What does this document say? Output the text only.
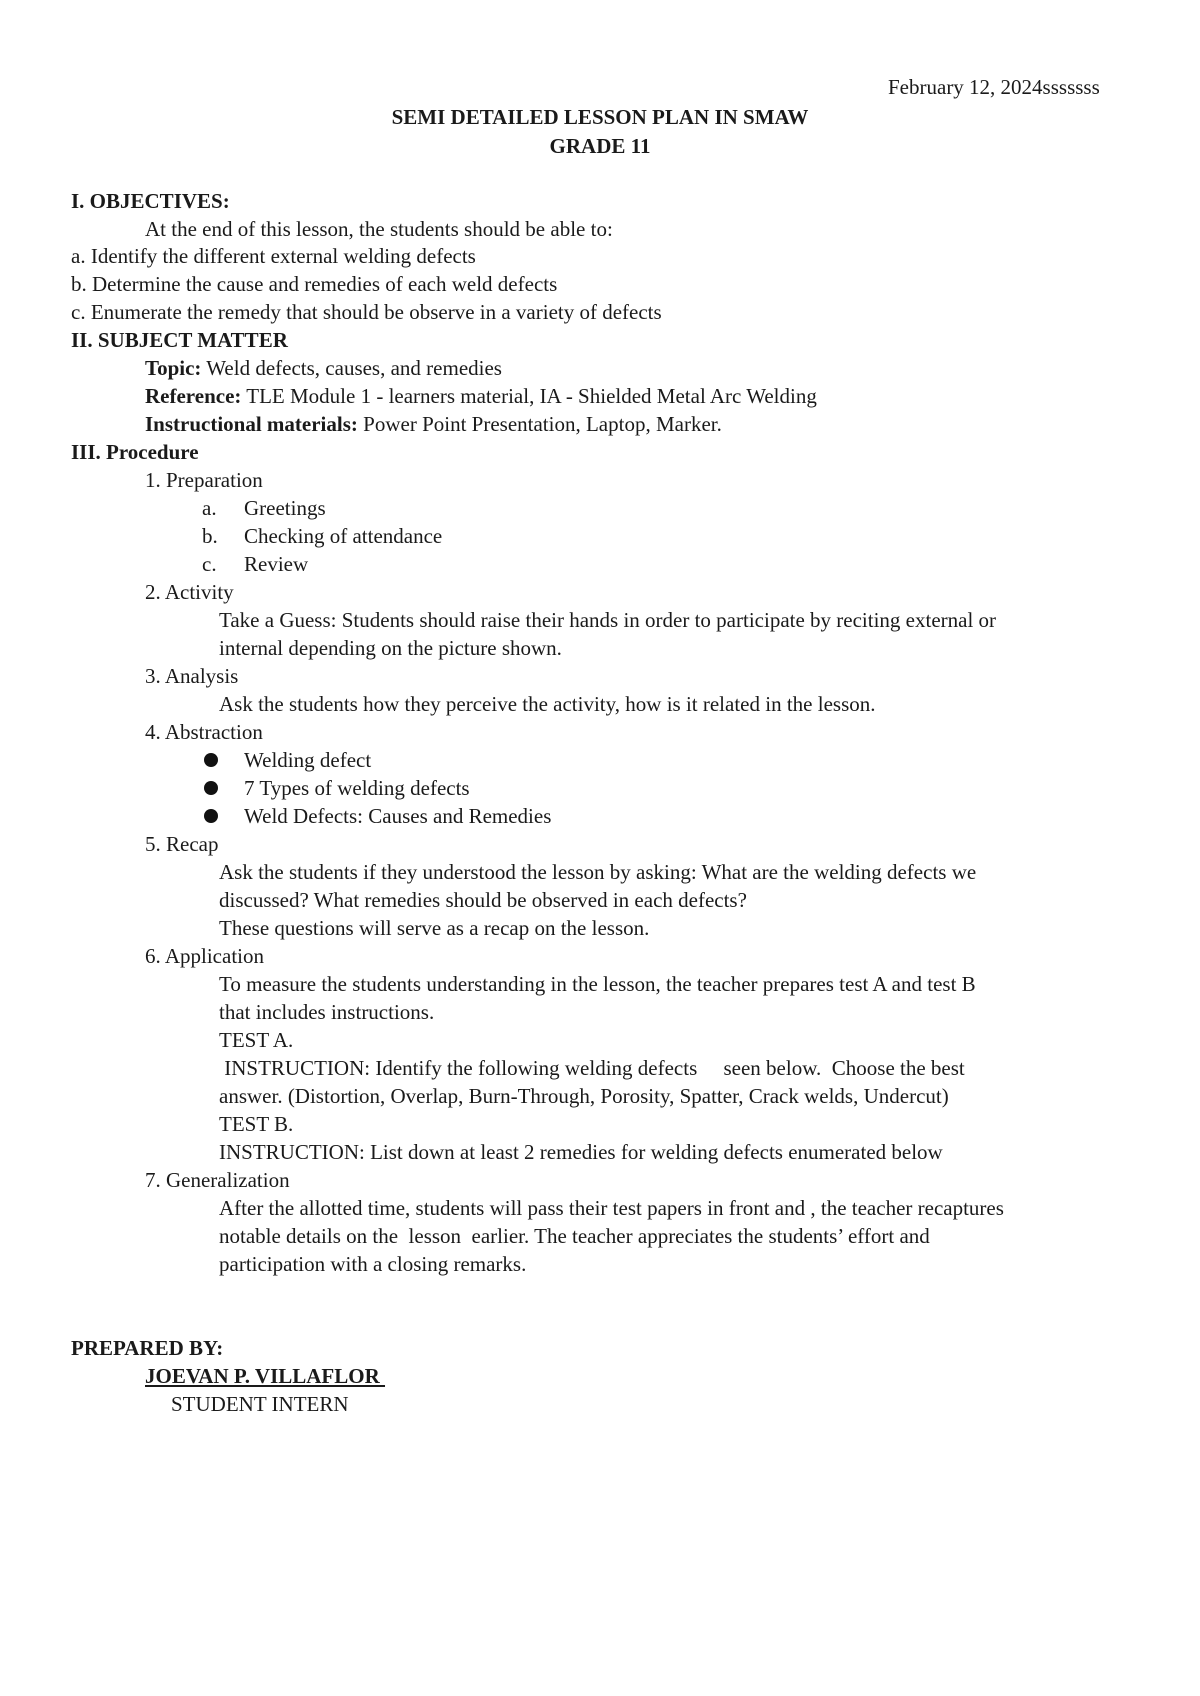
February 12, 2024sssssss
SEMI DETAILED LESSON PLAN IN SMAW
GRADE 11
I. OBJECTIVES:
At the end of this lesson, the students should be able to:
a. Identify the different external welding defects
b. Determine the cause and remedies of each weld defects
c. Enumerate the remedy that should be observe in a variety of defects
II. SUBJECT MATTER
Topic: Weld defects, causes, and remedies
Reference: TLE Module 1 - learners material, IA - Shielded Metal Arc Welding
Instructional materials: Power Point Presentation, Laptop, Marker.
III. Procedure
1. Preparation
a. Greetings
b. Checking of attendance
c. Review
2. Activity
Take a Guess: Students should raise their hands in order to participate by reciting external or
internal depending on the picture shown.
3. Analysis
Ask the students how they perceive the activity, how is it related in the lesson.
4. Abstraction
Welding defect
7 Types of welding defects
Weld Defects: Causes and Remedies
5. Recap
Ask the students if they understood the lesson by asking: What are the welding defects we
discussed? What remedies should be observed in each defects?
These questions will serve as a recap on the lesson.
6. Application
To measure the students understanding in the lesson, the teacher prepares test A and test B
that includes instructions.
TEST A.
INSTRUCTION: Identify the following welding defects     seen below.  Choose the best
answer. (Distortion, Overlap, Burn-Through, Porosity, Spatter, Crack welds, Undercut)
TEST B.
INSTRUCTION: List down at least 2 remedies for welding defects enumerated below
7. Generalization
After the allotted time, students will pass their test papers in front and , the teacher recaptures
notable details on the  lesson  earlier. The teacher appreciates the students’ effort and
participation with a closing remarks.
PREPARED BY:
JOEVAN P. VILLAFLOR
STUDENT INTERN
